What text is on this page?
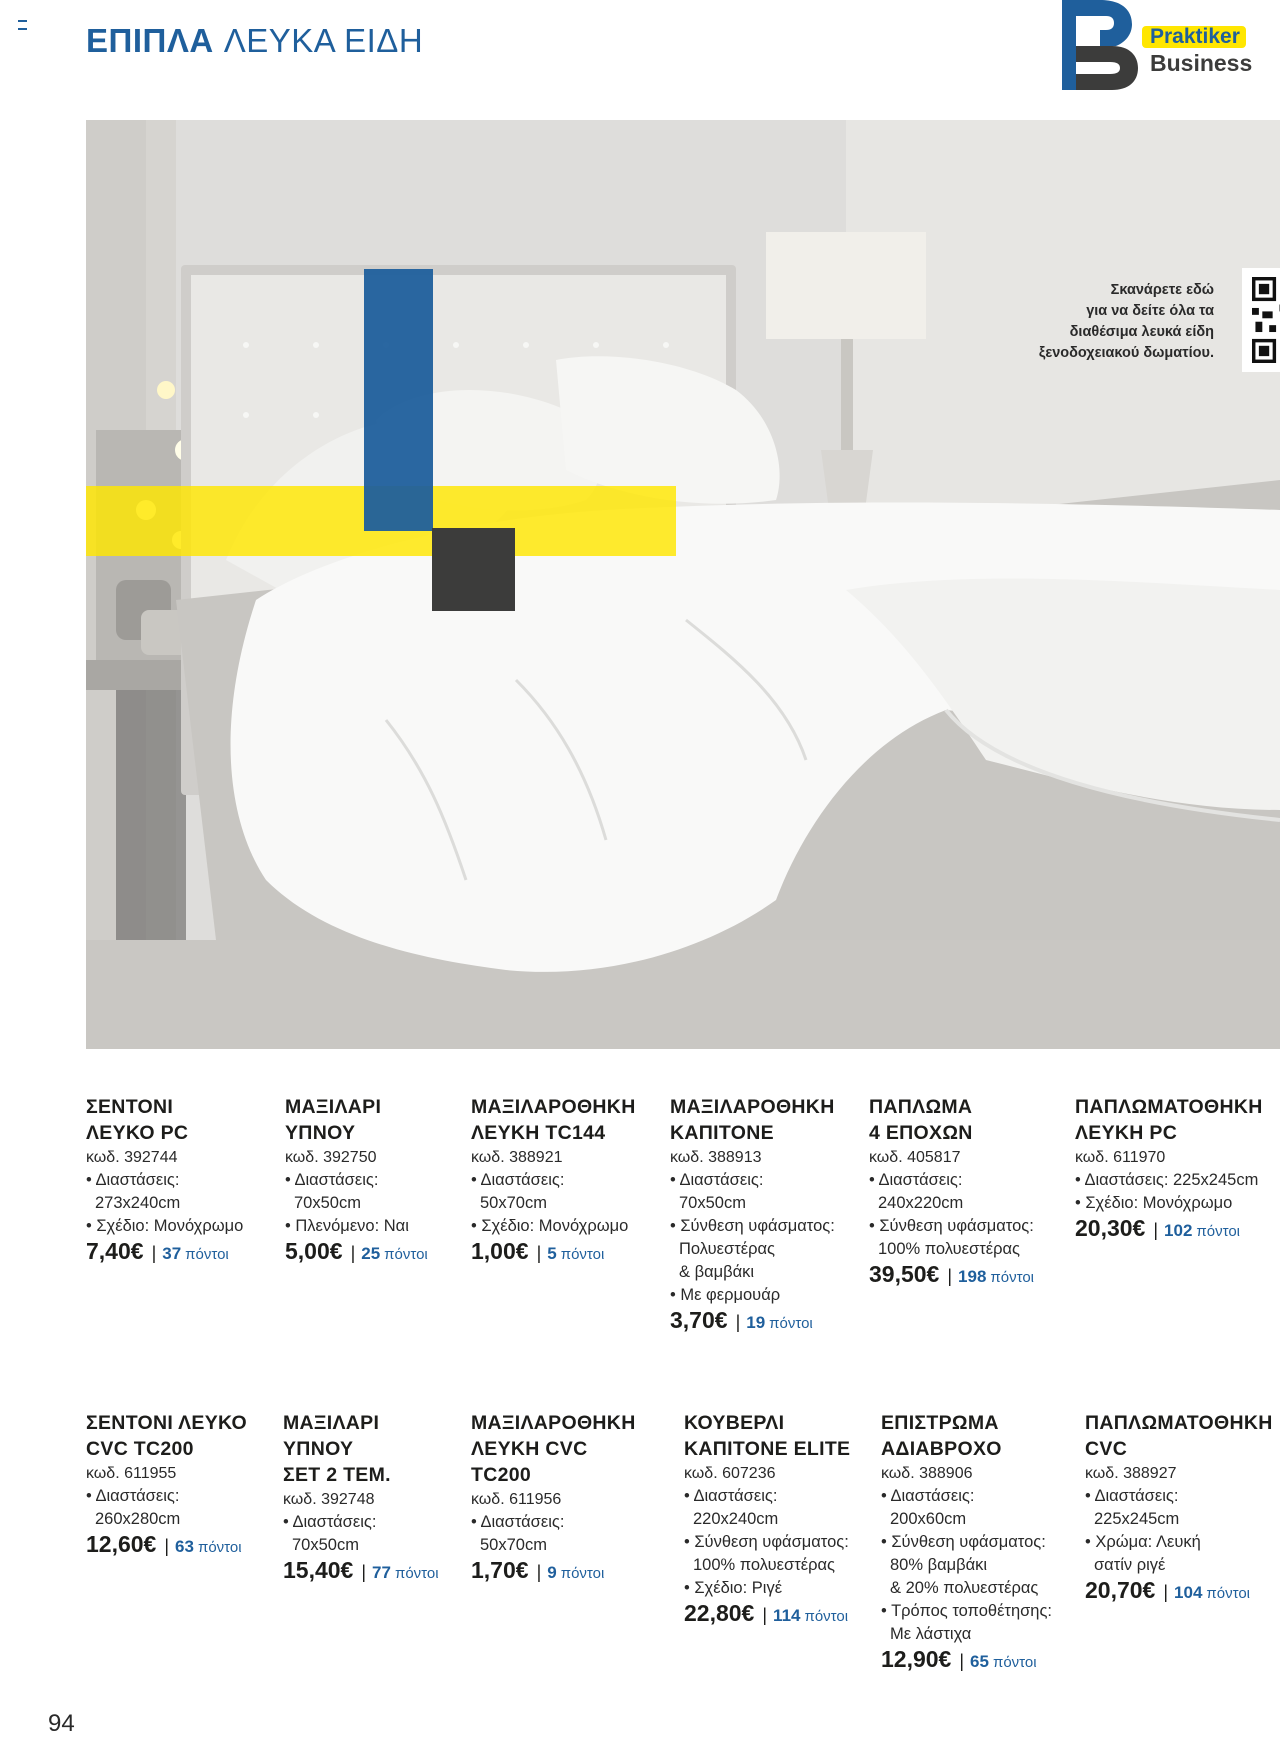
ΕΠΙΠΛΑ ΛΕΥΚΑ ΕΙΔΗ	Praktiker
Business
Σκανάρετε εδώ
για να δείτε όλα τα
διαθέσιμα λευκά είδη
ξενοδοχειακού δωματίου.
ΣΕΝΤΟΝΙ
ΛΕΥΚΟ PC
κωδ. 392744
• Διαστάσεις:
273x240cm
• Σχέδιο: Μονόχρωμο
7,40€ | 37 πόντοι
ΜΑΞΙΛΑΡΙ
ΥΠΝΟΥ
κωδ. 392750
• Διαστάσεις:
70x50cm
• Πλενόμενο: Ναι
5,00€ | 25 πόντοι
ΜΑΞΙΛΑΡΟΘΗΚΗ
ΛΕΥΚΗ TC144
κωδ. 388921
• Διαστάσεις:
50x70cm
• Σχέδιο: Μονόχρωμο
1,00€ | 5 πόντοι
ΜΑΞΙΛΑΡΟΘΗΚΗ
ΚΑΠΙΤΟΝΕ
κωδ. 388913
• Διαστάσεις:
70x50cm
• Σύνθεση υφάσματος:
Πολυεστέρας
& βαμβάκι
• Με φερμουάρ
3,70€ | 19 πόντοι
ΠΑΠΛΩΜΑ
4 ΕΠΟΧΩΝ
κωδ. 405817
• Διαστάσεις:
240x220cm
• Σύνθεση υφάσματος:
100% πολυεστέρας
39,50€ | 198 πόντοι
ΠΑΠΛΩΜΑΤΟΘΗΚΗ
ΛΕΥΚΗ PC
κωδ. 611970
• Διαστάσεις: 225x245cm
• Σχέδιο: Μονόχρωμο
20,30€ | 102 πόντοι
ΣΕΝΤΟΝΙ ΛΕΥΚΟ
CVC TC200
κωδ. 611955
• Διαστάσεις:
260x280cm
12,60€ | 63 πόντοι
ΜΑΞΙΛΑΡΙ
ΥΠΝΟΥ
ΣΕΤ 2 ΤΕΜ.
κωδ. 392748
• Διαστάσεις:
70x50cm
15,40€ | 77 πόντοι
ΜΑΞΙΛΑΡΟΘΗΚΗ
ΛΕΥΚΗ CVC
TC200
κωδ. 611956
• Διαστάσεις:
50x70cm
1,70€ | 9 πόντοι
ΚΟΥΒΕΡΛΙ
ΚΑΠΙΤΟΝΕ ELITE
κωδ. 607236
• Διαστάσεις:
220x240cm
• Σύνθεση υφάσματος:
100% πολυεστέρας
• Σχέδιο: Ριγέ
22,80€ | 114 πόντοι
ΕΠΙΣΤΡΩΜΑ
ΑΔΙΑΒΡΟΧΟ
κωδ. 388906
• Διαστάσεις:
200x60cm
• Σύνθεση υφάσματος:
80% βαμβάκι
& 20% πολυεστέρας
• Τρόπος τοποθέτησης:
Με λάστιχα
12,90€ | 65 πόντοι
ΠΑΠΛΩΜΑΤΟΘΗΚΗ
CVC
κωδ. 388927
• Διαστάσεις:
225x245cm
• Χρώμα: Λευκή
σατίν ριγέ
20,70€ | 104 πόντοι
94
